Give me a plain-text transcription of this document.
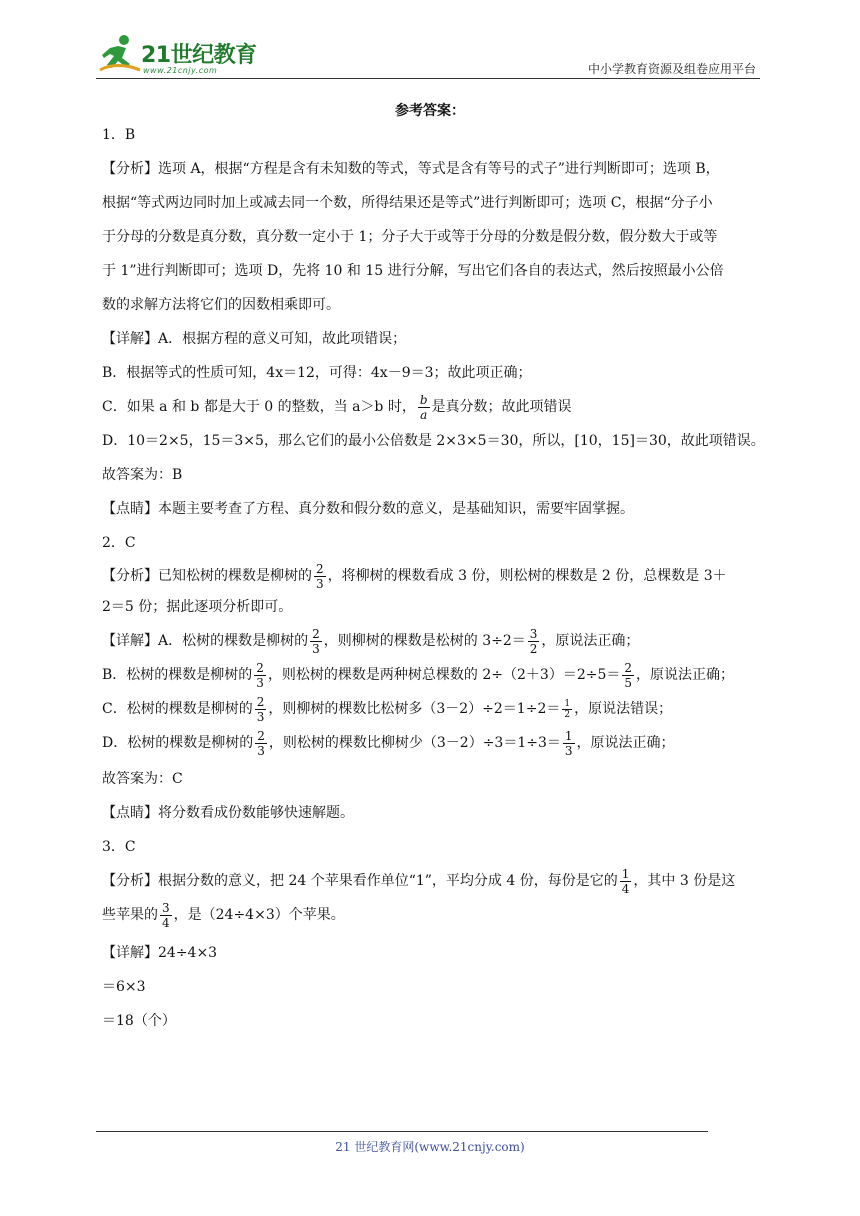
21世纪教育
www.21cnjy.com	中小学教育资源及组卷应用平台
参考答案：

1．B

【分析】选项 A，根据“方程是含有未知数的等式，等式是含有等号的式子”进行判断即可；选项 B，

根据“等式两边同时加上或减去同一个数，所得结果还是等式”进行判断即可；选项 C，根据“分子小

于分母的分数是真分数，真分数一定小于 1；分子大于或等于分母的分数是假分数，假分数大于或等

于 1”进行判断即可；选项 D，先将 10 和 15 进行分解，写出它们各自的表达式，然后按照最小公倍

数的求解方法将它们的因数相乘即可。

【详解】A．根据方程的意义可知，故此项错误；

B．根据等式的性质可知，4x＝12，可得：4x－9＝3；故此项正确；

C．如果 a 和 b 都是大于 0 的整数，当 a＞b 时， $\frac{b}{a}$ 是真分数；故此项错误

D．10＝2×5，15＝3×5，那么它们的最小公倍数是 2×3×5＝30，所以，[10，15]＝30，故此项错误。

故答案为：B

【点睛】本题主要考查了方程、真分数和假分数的意义，是基础知识，需要牢固掌握。

2．C

【分析】已知松树的棵数是柳树的 $\frac{2}{3}$ ，将柳树的棵数看成 3 份，则松树的棵数是 2 份，总棵数是 3＋

2＝5 份；据此逐项分析即可。

【详解】A．松树的棵数是柳树的 $\frac{2}{3}$ ，则柳树的棵数是松树的 $3\div 2= \frac{3}{2}$ ，原说法正确；

B．松树的棵数是柳树的 $\frac{2}{3}$ ，则松树的棵数是两种树总棵数的 $2\div(2+3)=2\div 5= \frac{2}{5}$ ，原说法正确；

C．松树的棵数是柳树的 $\frac{2}{3}$ ，则柳树的棵数比松树多$(3-2)\div 2=1\div 2= \frac{1}{2}$ ，原说法错误；

D．松树的棵数是柳树的 $\frac{2}{3}$ ，则松树的棵数比柳树少$(3-2)\div 3=1\div 3= \frac{1}{3}$ ，原说法正确；

故答案为：C

【点睛】将分数看成份数能够快速解题。

3．C

【分析】根据分数的意义，把 24 个苹果看作单位“1”，平均分成 4 份，每份是它的 $\frac{1}{4}$ ，其中 3 份是这

些苹果的 $\frac{3}{4}$ ，是（24÷4×3）个苹果。

【详解】24÷4×3

＝6×3

＝18（个）

21 世纪教育网(www.21cnjy.com)
